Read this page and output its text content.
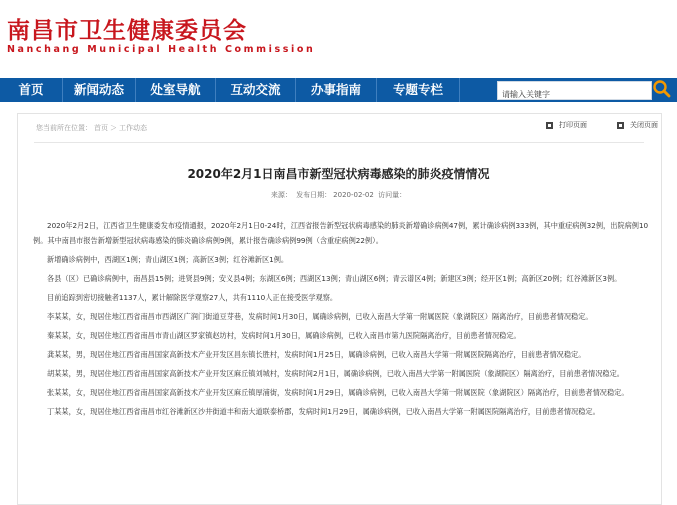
南昌市卫生健康委员会
Nanchang Municipal Health Commission
首页	新闻动态	处室导航	互动交流	办事指南	专题专栏
请输入关键字
您当前所在位置： 首页 ＞ 工作动态	打印页面	关闭页面
2020年2月1日南昌市新型冠状病毒感染的肺炎疫情情况
来源： 发布日期： 2020-02-02 访问量：

2020年2月2日，江西省卫生健康委发布疫情通报，2020年2月1日0-24时，江西省报告新型冠状病毒感染的肺炎新增确诊病例47例，累计确诊病例333例，其中重症病例32例，出院病例10例。其中南昌市报告新增新型冠状病毒感染的肺炎确诊病例9例，累计报告确诊病例99例（含重症病例22例）。

新增确诊病例中，西湖区1例；青山湖区1例；高新区3例；红谷滩新区1例。

各县（区）已确诊病例中，南昌县15例；进贤县9例；安义县4例；东湖区6例；西湖区13例；青山湖区6例；青云谱区4例；新建区3例；经开区1例；高新区20例；红谷滩新区3例。

目前追踪到密切接触者1137人，累计解除医学观察27人，共有1110人正在接受医学观察。

李某某，女，现居住地江西省南昌市西湖区广润门街道豆芽巷，发病时间1月30日，属确诊病例，已收入南昌大学第一附属医院（象湖院区）隔离治疗，目前患者情况稳定。

秦某某，女，现居住地江西省南昌市青山湖区罗家镇赵坊村，发病时间1月30日，属确诊病例，已收入南昌市第九医院隔离治疗，目前患者情况稳定。

龚某某，男，现居住地江西省南昌国家高新技术产业开发区昌东镇长胜村，发病时间1月25日，属确诊病例，已收入南昌大学第一附属医院隔离治疗，目前患者情况稳定。

胡某某，男，现居住地江西省南昌国家高新技术产业开发区麻丘镇刘城村，发病时间2月1日，属确诊病例，已收入南昌大学第一附属医院（象湖院区）隔离治疗，目前患者情况稳定。

张某某，女，现居住地江西省南昌国家高新技术产业开发区麻丘镇厚浦街，发病时间1月29日，属确诊病例，已收入南昌大学第一附属医院（象湖院区）隔离治疗，目前患者情况稳定。

丁某某，女，现居住地江西省南昌市红谷滩新区沙井街道丰和南大道联泰桥郡，发病时间1月29日，属确诊病例，已收入南昌大学第一附属医院隔离治疗，目前患者情况稳定。
